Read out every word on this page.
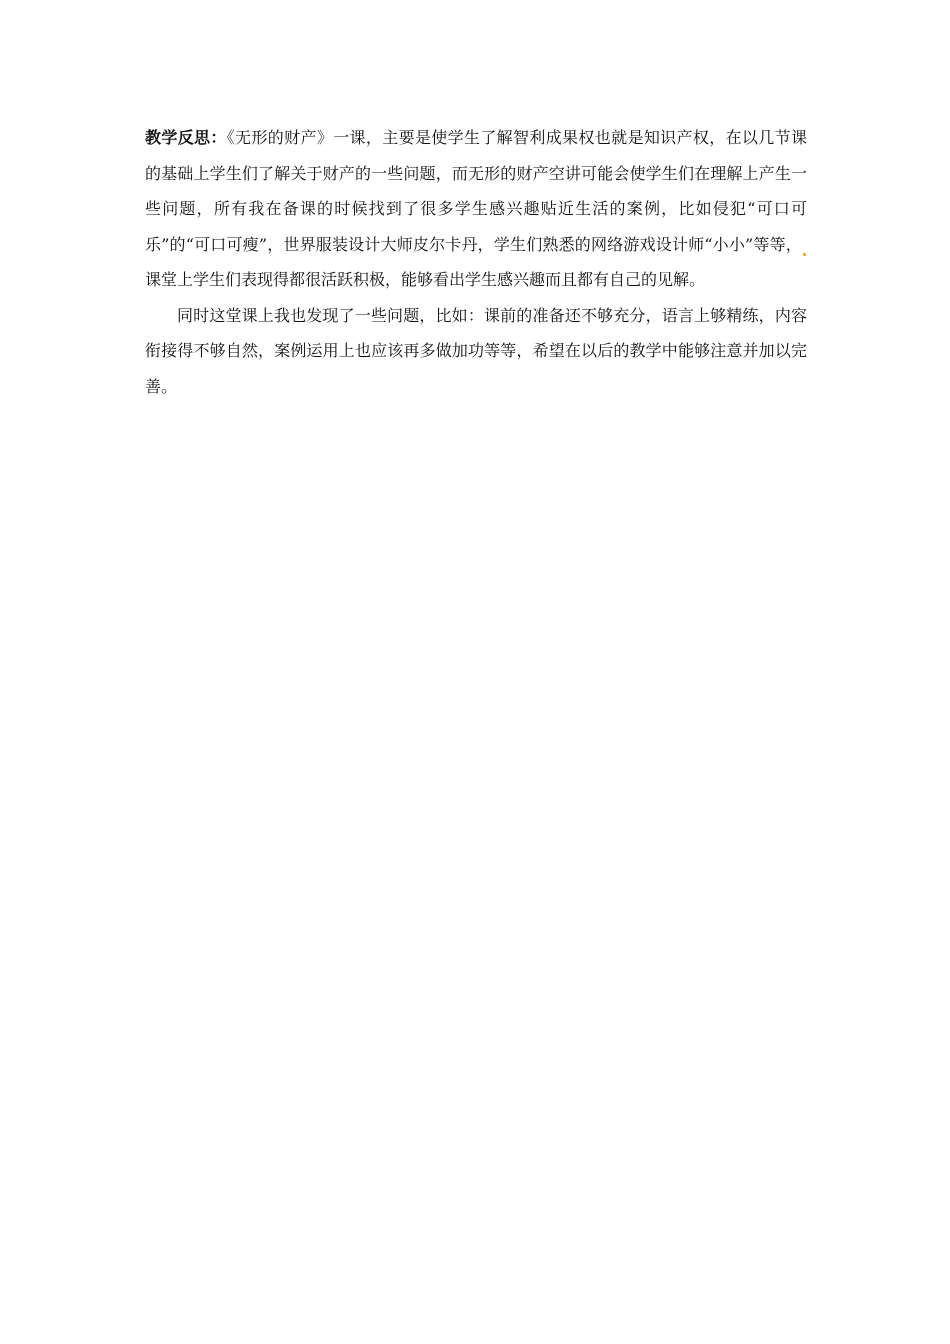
教学反思：《无形的财产》一课，主要是使学生了解智利成果权也就是知识产权，在以几节课的基础上学生们了解关于财产的一些问题，而无形的财产空讲可能会使学生们在理解上产生一些问题，所有我在备课的时候找到了很多学生感兴趣贴近生活的案例，比如侵犯“可口可乐”的“可口可瘦”，世界服装设计大师皮尔卡丹，学生们熟悉的网络游戏设计师“小小”等等，课堂上学生们表现得都很活跃积极，能够看出学生感兴趣而且都有自己的见解。

同时这堂课上我也发现了一些问题，比如：课前的准备还不够充分，语言上够精练，内容衔接得不够自然，案例运用上也应该再多做加功等等，希望在以后的教学中能够注意并加以完善。
